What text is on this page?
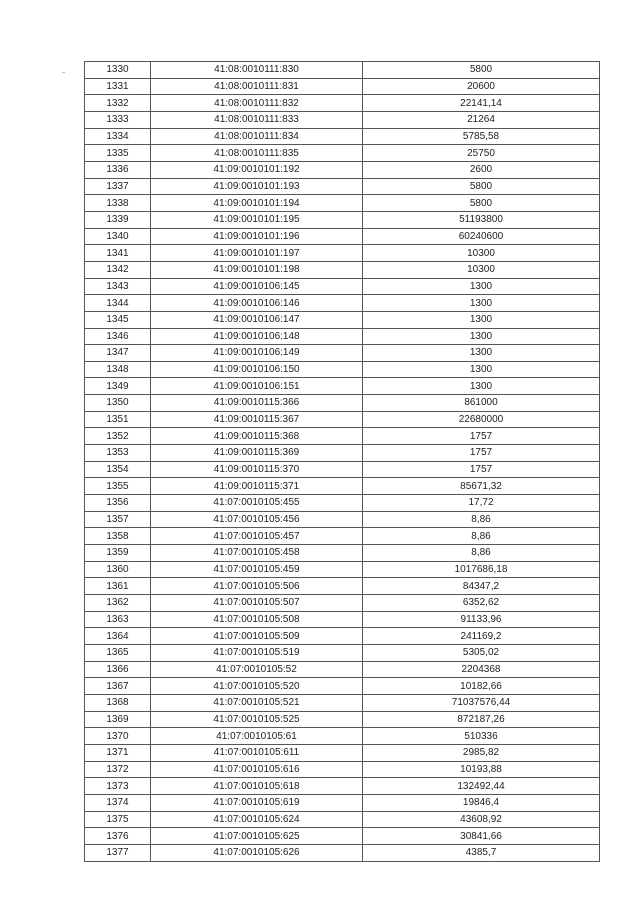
1330	41:08:0010111:830	5800
1331	41:08:0010111:831	20600
1332	41:08:0010111:832	22141,14
1333	41:08:0010111:833	21264
1334	41:08:0010111:834	5785,58
1335	41:08:0010111:835	25750
1336	41:09:0010101:192	2600
1337	41:09:0010101:193	5800
1338	41:09:0010101:194	5800
1339	41:09:0010101:195	51193800
1340	41:09:0010101:196	60240600
1341	41:09:0010101:197	10300
1342	41:09:0010101:198	10300
1343	41:09:0010106:145	1300
1344	41:09:0010106:146	1300
1345	41:09:0010106:147	1300
1346	41:09:0010106:148	1300
1347	41:09:0010106:149	1300
1348	41:09:0010106:150	1300
1349	41:09:0010106:151	1300
1350	41:09:0010115:366	861000
1351	41:09:0010115:367	22680000
1352	41:09:0010115:368	1757
1353	41:09:0010115:369	1757
1354	41:09:0010115:370	1757
1355	41:09:0010115:371	85671,32
1356	41:07:0010105:455	17,72
1357	41:07:0010105:456	8,86
1358	41:07:0010105:457	8,86
1359	41:07:0010105:458	8,86
1360	41:07:0010105:459	1017686,18
1361	41:07:0010105:506	84347,2
1362	41:07:0010105:507	6352,62
1363	41:07:0010105:508	91133,96
1364	41:07:0010105:509	241169,2
1365	41:07:0010105:519	5305,02
1366	41:07:0010105:52	2204368
1367	41:07:0010105:520	10182,66
1368	41:07:0010105:521	71037576,44
1369	41:07:0010105:525	872187,26
1370	41:07:0010105:61	510336
1371	41:07:0010105:611	2985,82
1372	41:07:0010105:616	10193,88
1373	41:07:0010105:618	132492,44
1374	41:07:0010105:619	19846,4
1375	41:07:0010105:624	43608,92
1376	41:07:0010105:625	30841,66
1377	41:07:0010105:626	4385,7
